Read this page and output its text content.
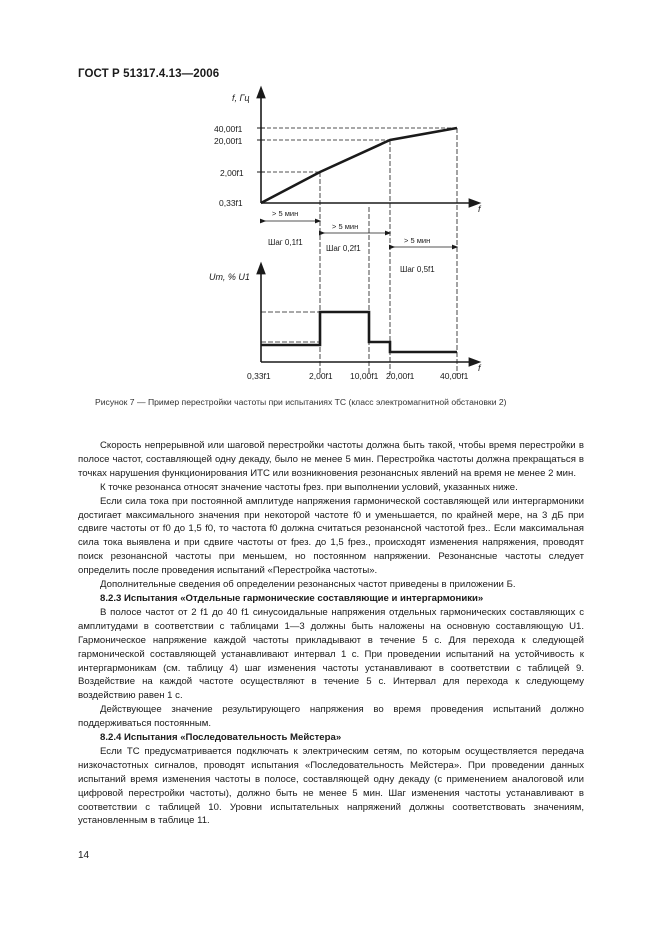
ГОСТ Р 51317.4.13—2006
f, Гц
f
40,00f1
20,00f1
2,00f1
0,33f1
> 5 мин
> 5 мин
> 5 мин
Шаг 0,1f1
Шаг 0,2f1
Шаг 0,5f1
Uт, % U1
f
0,33f1	2,00f1 10,00f1 20,00f1	40,00f1
Рисунок 7 — Пример перестройки частоты при испытаниях ТС (класс электромагнитной обстановки 2)

Скорость непрерывной или шаговой перестройки частоты должна быть такой, чтобы время перестройки в полосе частот, составляющей одну декаду, было не менее 5 мин. Перестройка частоты должна прекращаться в точках нарушения функционирования ИТС или возникновения резонансных явлений на время не менее 2 мин.

К точке резонанса относят значение частоты fрез. при выполнении условий, указанных ниже.

Если сила тока при постоянной амплитуде напряжения гармонической составляющей или интергармоники достигает максимального значения при некоторой частоте f0 и уменьшается, по крайней мере, на 3 дБ при сдвиге частоты от f0 до 1,5 f0, то частота f0 должна считаться резонансной частотой fрез.. Если максимальная сила тока выявлена и при сдвиге частоты от fрез. до 1,5 fрез., происходят изменения напряжения, проводят поиск резонансной частоты при меньшем, но постоянном напряжении. Резонансные частоты следует определить после проведения испытаний «Перестройка частоты».

Дополнительные сведения об определении резонансных частот приведены в приложении Б.

8.2.3 Испытания «Отдельные гармонические составляющие и интергармоники»

В полосе частот от 2 f1 до 40 f1 синусоидальные напряжения отдельных гармонических составляющих с амплитудами в соответствии с таблицами 1—3 должны быть наложены на основную составляющую U1. Гармоническое напряжение каждой частоты прикладывают в течение 5 с. Для перехода к следующей гармонической составляющей устанавливают интервал 1 с. При проведении испытаний на устойчивость к интергармоникам (см. таблицу 4) шаг изменения частоты устанавливают в соответствии с таблицей 9. Воздействие на каждой частоте осуществляют в течение 5 с. Интервал для перехода к следующему воздействию равен 1 с.

Действующее значение результирующего напряжения во время проведения испытаний должно поддерживаться постоянным.

8.2.4 Испытания «Последовательность Мейстера»

Если ТС предусматривается подключать к электрическим сетям, по которым осуществляется передача низкочастотных сигналов, проводят испытания «Последовательность Мейстера». При проведении данных испытаний время изменения частоты в полосе, составляющей одну декаду (с применением аналоговой или цифровой перестройки частоты), должно быть не менее 5 мин. Шаг изменения частоты устанавливают в соответствии с таблицей 10. Уровни испытательных напряжений должны соответствовать значениям, установленным в таблице 11.

14
